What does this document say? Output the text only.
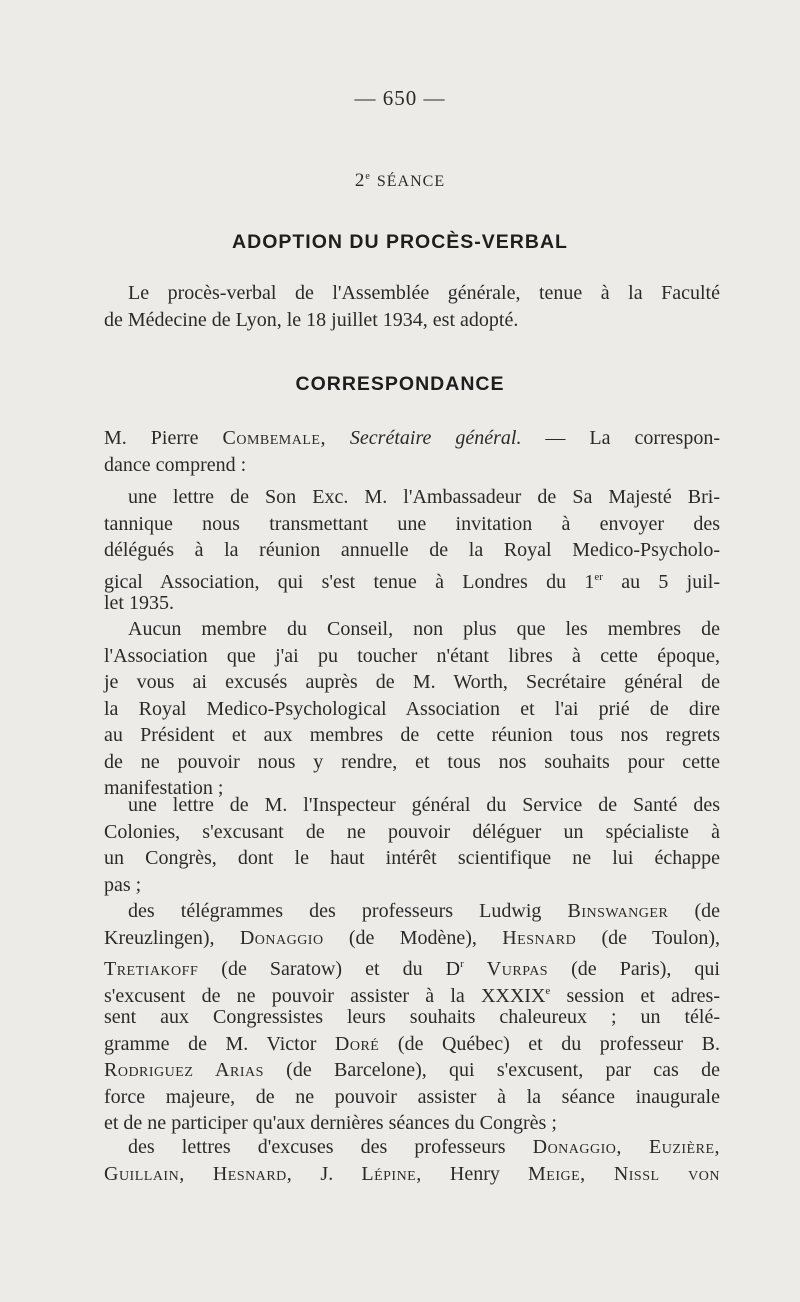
— 650 —
2e SÉANCE
ADOPTION DU PROCÈS-VERBAL

Le procès-verbal de l'Assemblée générale, tenue à la Faculté
de Médecine de Lyon, le 18 juillet 1934, est adopté.

CORRESPONDANCE

M. Pierre Combemale, Secrétaire général. — La correspon-
dance comprend :

une lettre de Son Exc. M. l'Ambassadeur de Sa Majesté Bri-
tannique nous transmettant une invitation à envoyer des
délégués à la réunion annuelle de la Royal Medico-Psycholo-
gical Association, qui s'est tenue à Londres du 1er au 5 juil-
let 1935.

Aucun membre du Conseil, non plus que les membres de
l'Association que j'ai pu toucher n'étant libres à cette époque,
je vous ai excusés auprès de M. Worth, Secrétaire général de
la Royal Medico-Psychological Association et l'ai prié de dire
au Président et aux membres de cette réunion tous nos regrets
de ne pouvoir nous y rendre, et tous nos souhaits pour cette
manifestation ;

une lettre de M. l'Inspecteur général du Service de Santé des
Colonies, s'excusant de ne pouvoir déléguer un spécialiste à
un Congrès, dont le haut intérêt scientifique ne lui échappe
pas ;

des télégrammes des professeurs Ludwig Binswanger (de
Kreuzlingen), Donaggio (de Modène), Hesnard (de Toulon),
Tretiakoff (de Saratow) et du $D^r$ Vurpas (de Paris), qui
s'excusent de ne pouvoir assister à la XXXIXe session et adres-
sent aux Congressistes leurs souhaits chaleureux ; un télé-
gramme de M. Victor Doré (de Québec) et du professeur B.
Rodriguez Arias (de Barcelone), qui s'excusent, par cas de
force majeure, de ne pouvoir assister à la séance inaugurale
et de ne participer qu'aux dernières séances du Congrès ;

des lettres d'excuses des professeurs Donaggio, Euzière,
Guillain, Hesnard, J. Lépine, Henry Meige, Nissl von
